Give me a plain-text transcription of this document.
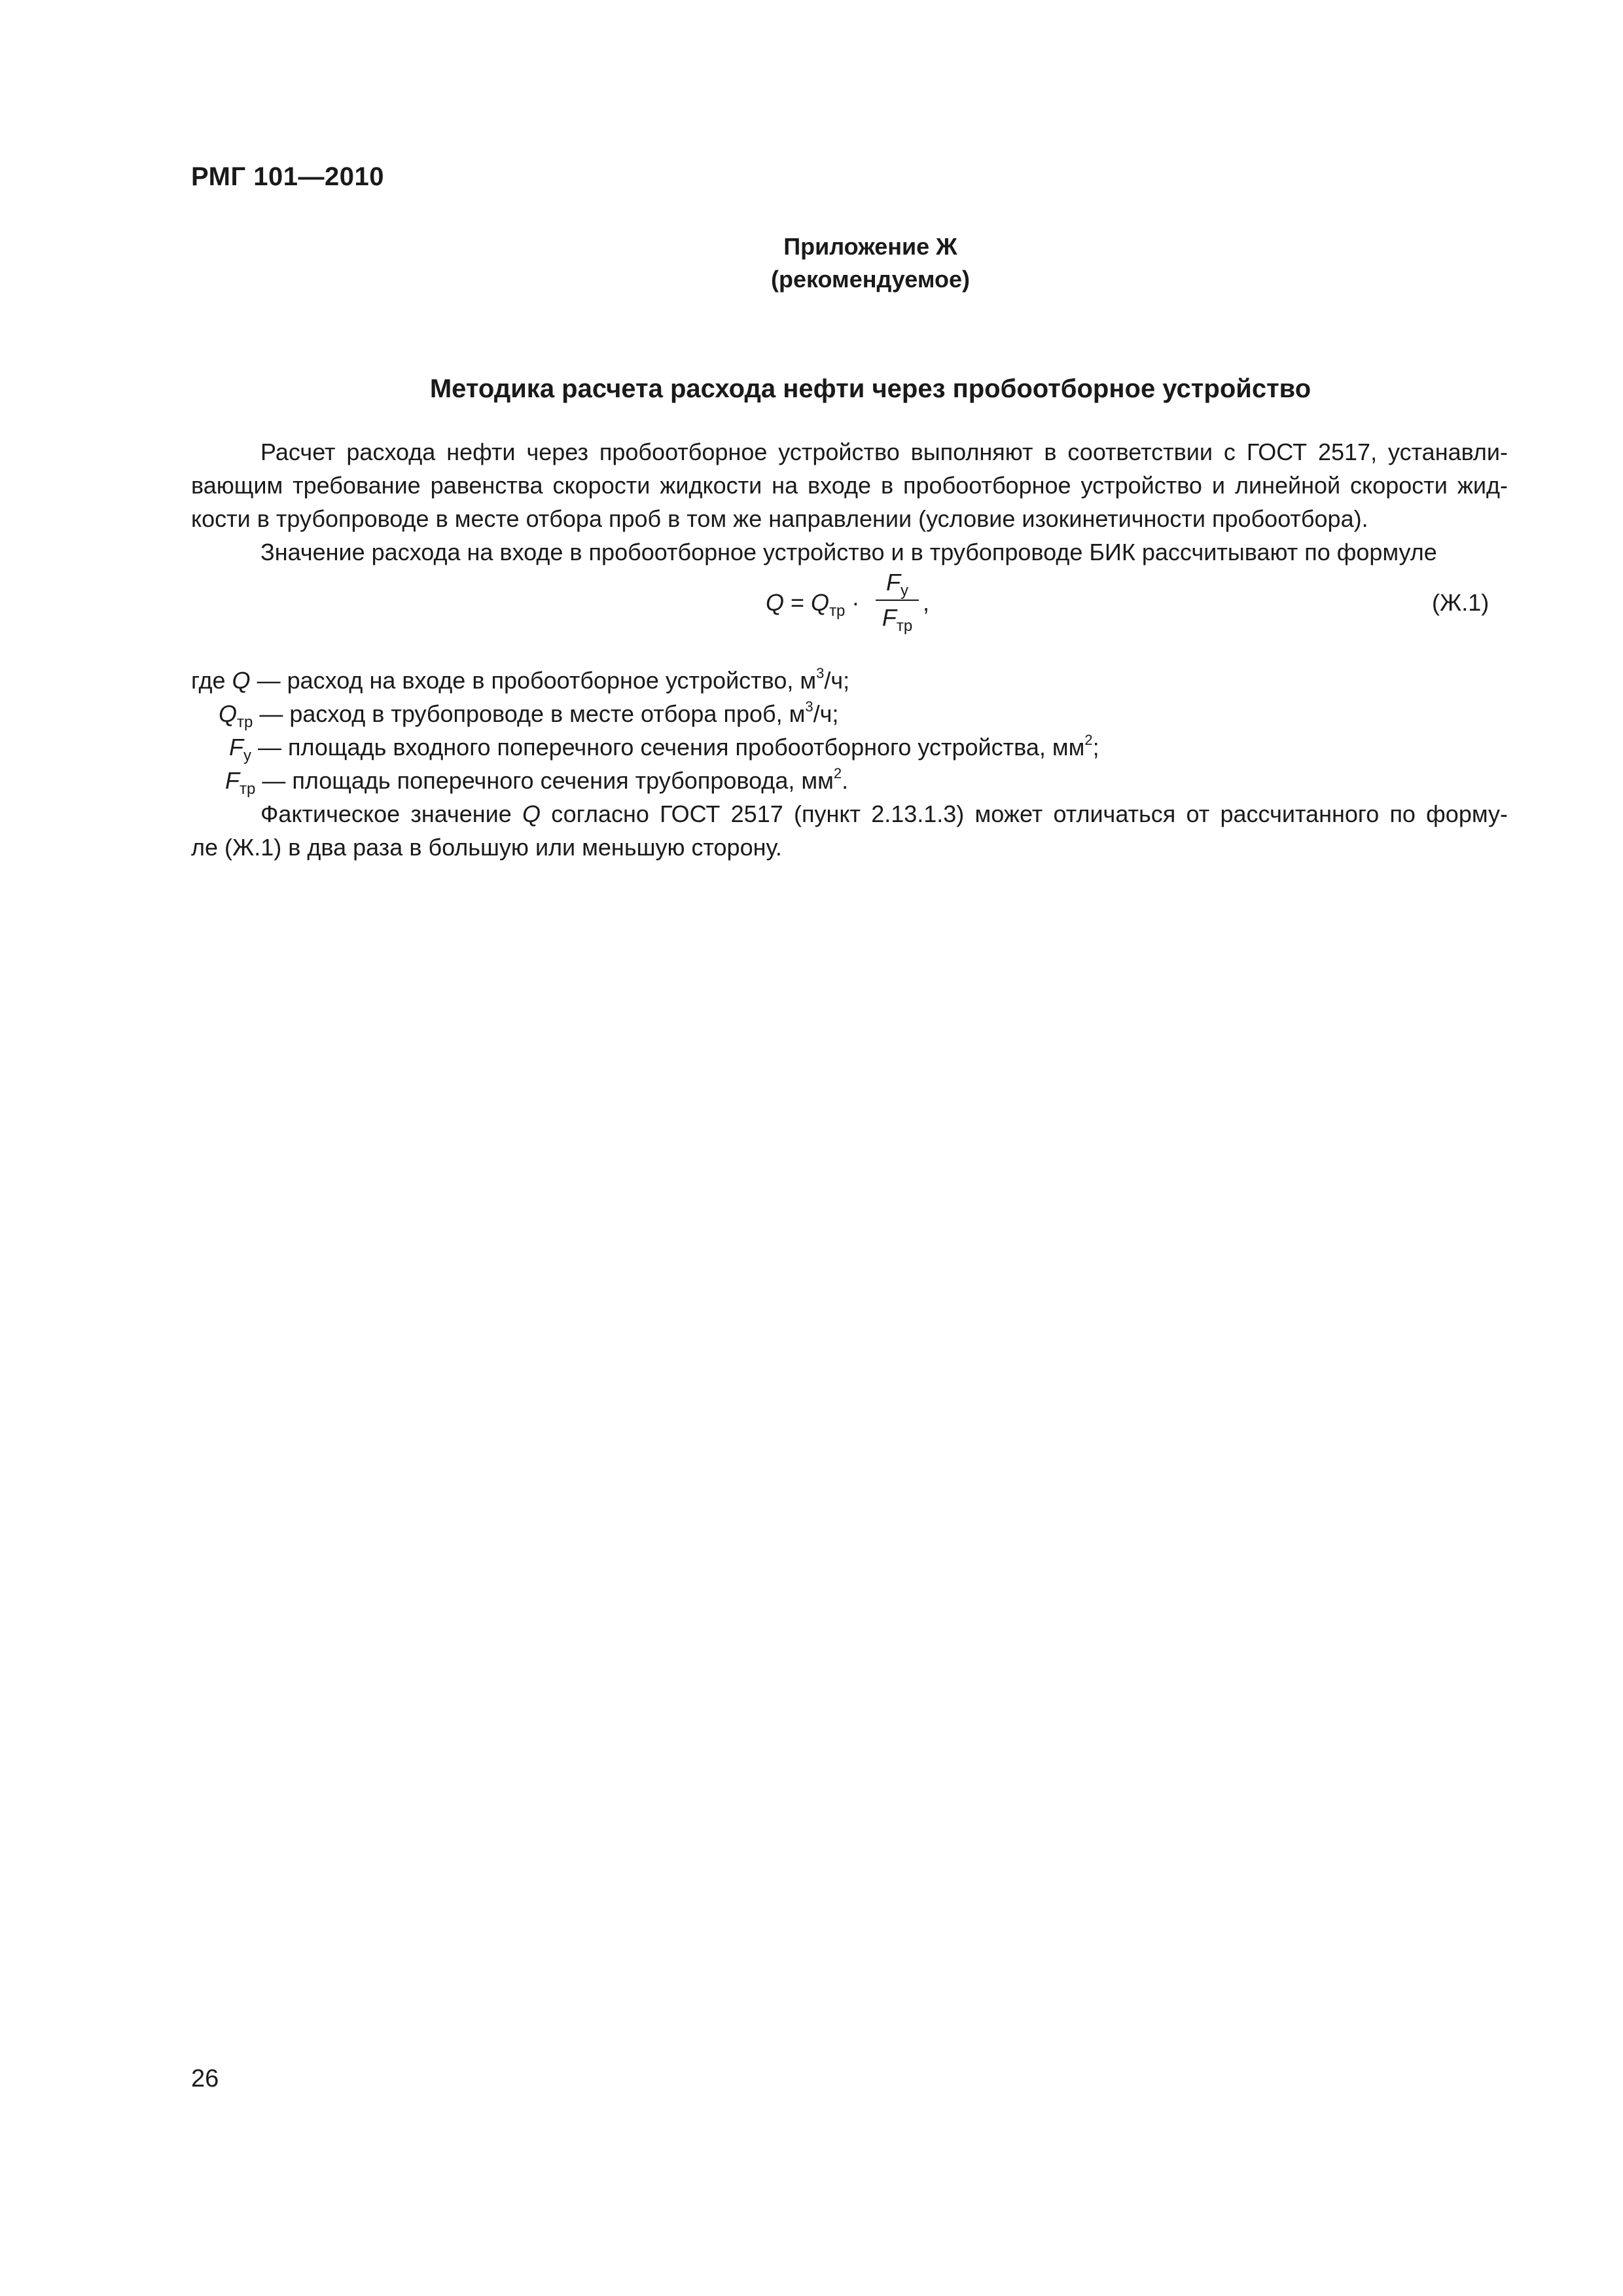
РМГ 101—2010
Приложение Ж
(рекомендуемое)
Методика расчета расхода нефти через пробоотборное устройство
Расчет расхода нефти через пробоотборное устройство выполняют в соответствии с ГОСТ 2517, устанавли-
вающим требование равенства скорости жидкости на входе в пробоотборное устройство и линейной скорости жид-
кости в трубопроводе в месте отбора проб в том же направлении (условие изокинетичности пробоотбора).
Значение расхода на входе в пробоотборное устройство и в трубопроводе БИК рассчитывают по формуле
$Q = Q_{тр}$ ·
$F_у$
$F_{тр}$
,	(Ж.1)
где Q — расход на входе в пробоотборное устройство, $м^3/ч$;
$Q_{тр}$ — расход в трубопроводе в месте отбора проб, $м^3/ч$;
$F_у$ — площадь входного поперечного сечения пробоотборного устройства, $мм^2$;
$F_{тр}$ — площадь поперечного сечения трубопровода, $мм^2$.
Фактическое значение Q согласно ГОСТ 2517 (пункт 2.13.1.3) может отличаться от рассчитанного по форму-
ле (Ж.1) в два раза в большую или меньшую сторону.
26
